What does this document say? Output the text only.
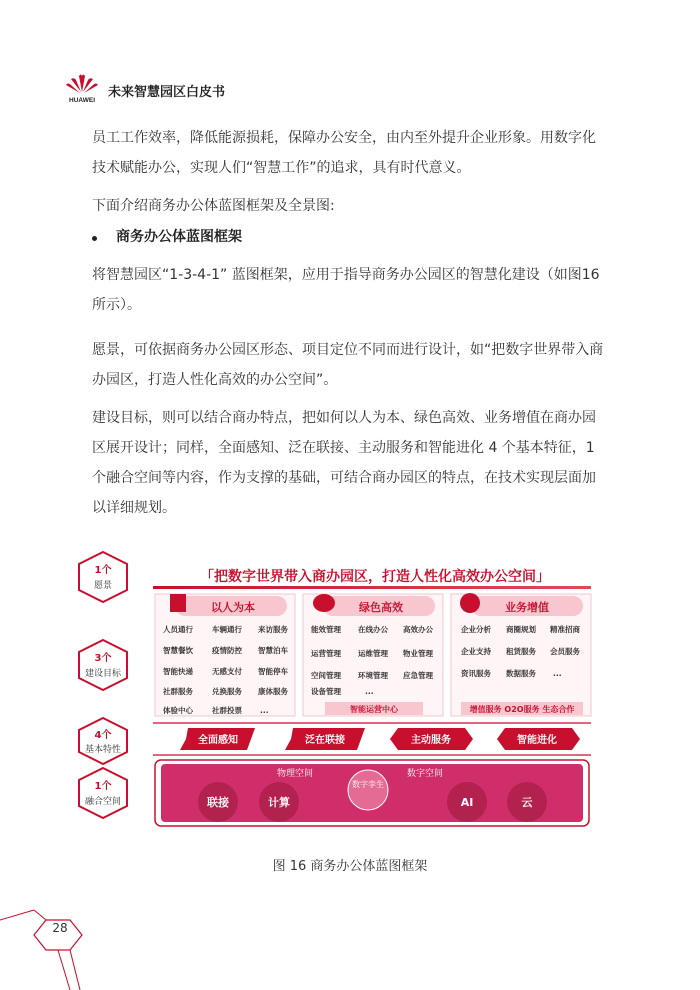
HUAWEI
未来智慧园区白皮书
员工工作效率，降低能源损耗，保障办公安全，由内至外提升企业形象。用数字化技术赋能办公，实现人们“智慧工作”的追求，具有时代意义。
下面介绍商务办公体蓝图框架及全景图:
商务办公体蓝图框架
将智慧园区“1-3-4-1” 蓝图框架，应用于指导商务办公园区的智慧化建设（如图16 所示）。
愿景，可依据商务办公园区形态、项目定位不同而进行设计，如“把数字世界带入商办园区，打造人性化高效的办公空间”。
建设目标，则可以结合商办特点，把如何以人为本、绿色高效、业务增值在商办园区展开设计；同样，全面感知、泛在联接、主动服务和智能进化 4 个基本特征，1 个融合空间等内容，作为支撑的基础，可结合商办园区的特点，在技术实现层面加以详细规划。
1个
愿景
3个
建设目标
4个
基本特性
1个
融合空间
「把数字世界带入商办园区，打造人性化高效办公空间」
以人为本
人员通行	车辆通行 来访服务
智慧餐饮	疫情防控 智慧泊车
智能快递	无感支付 智能停车
社群服务	兑换服务 康体服务
体验中心	社群投票 ...
绿色高效
能效管理 在线办公 高效办公
运营管理 运维管理 物业管理
空间管理 环境管理 应急管理
设备管理	...
智能运营中心
业务增值
企业分析 商圈规划 精准招商
企业支持 租赁服务 会员服务
资讯服务 数据服务 ...
增值服务 O2O服务 生态合作
全面感知	泛在联接	主动服务	智能进化
物理空间	数字空间
数字孪生
联接	计算	AI	云
图 16 商务办公体蓝图框架
28
